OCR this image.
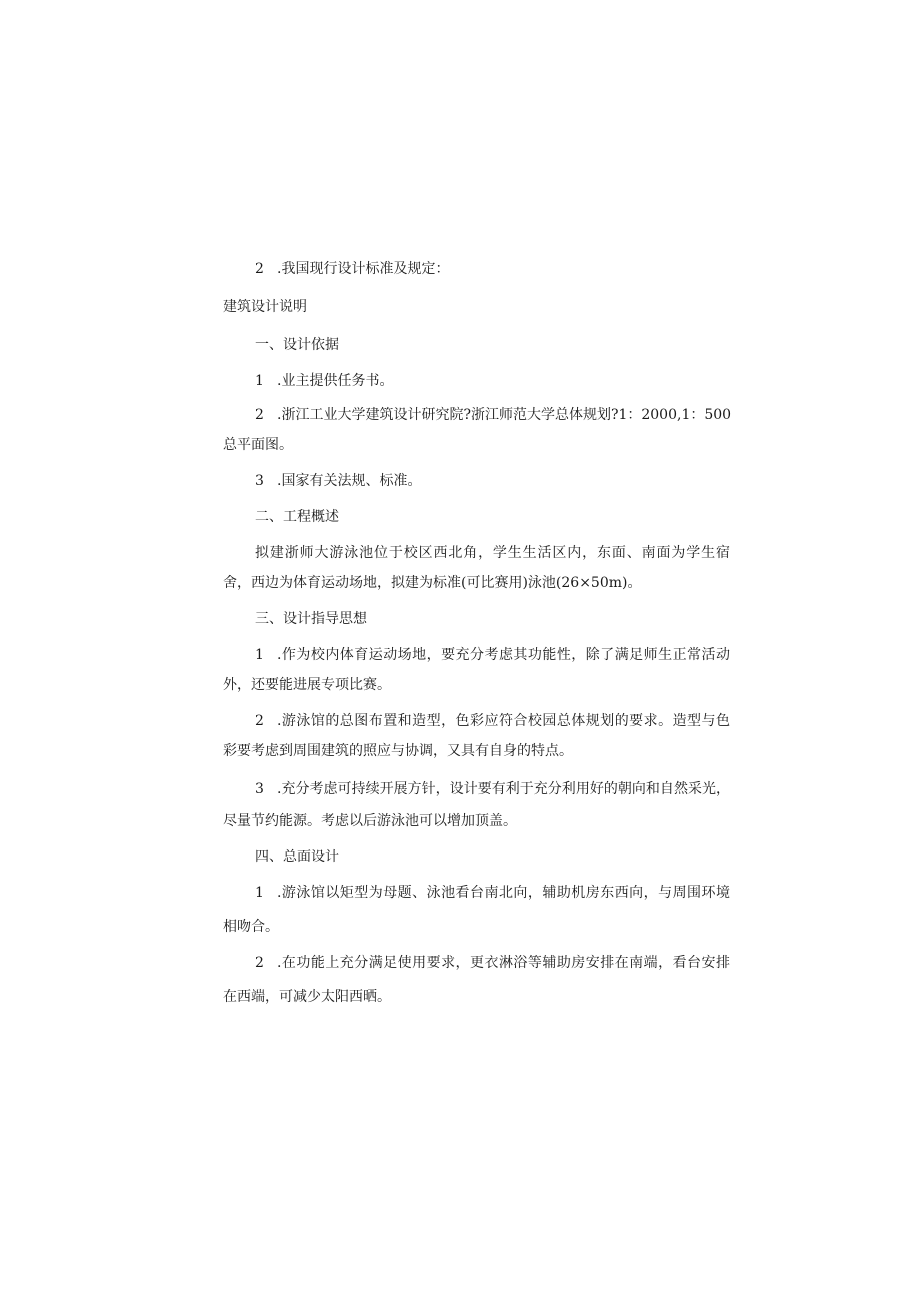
2 .我国现行设计标准及规定：
建筑设计说明
一、设计依据
1 .业主提供任务书。
2 .浙江工业大学建筑设计研究院?浙江师范大学总体规划?1：2000,1：500
总平面图。
3 .国家有关法规、标准。
二、工程概述
拟建浙师大游泳池位于校区西北角，学生生活区内，东面、南面为学生宿
舍，西边为体育运动场地，拟建为标准(可比赛用)泳池(26×50m)。
三、设计指导思想
1 .作为校内体育运动场地，要充分考虑其功能性，除了满足师生正常活动
外，还要能进展专项比赛。
2 .游泳馆的总图布置和造型，色彩应符合校园总体规划的要求。造型与色
彩要考虑到周围建筑的照应与协调，又具有自身的特点。
3 .充分考虑可持续开展方针，设计要有利于充分利用好的朝向和自然采光，
尽量节约能源。考虑以后游泳池可以增加顶盖。
四、总面设计
1 .游泳馆以矩型为母题、泳池看台南北向，辅助机房东西向，与周围环境
相吻合。
2 .在功能上充分满足使用要求，更衣淋浴等辅助房安排在南端，看台安排
在西端，可减少太阳西晒。
